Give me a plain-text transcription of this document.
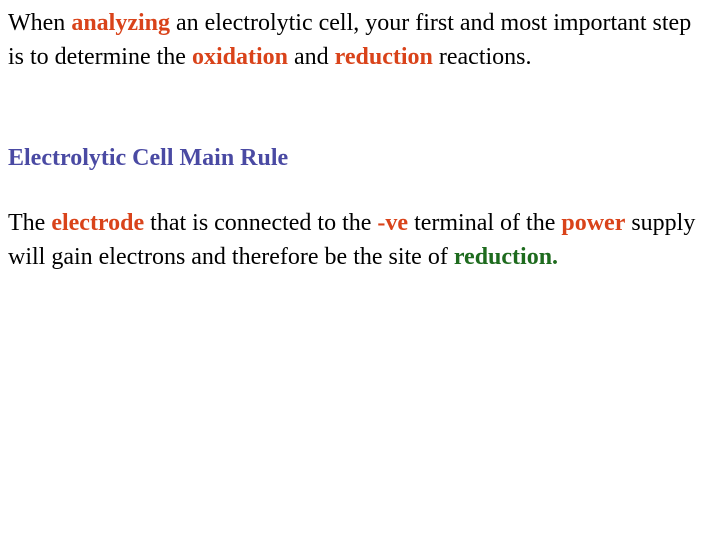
When analyzing an electrolytic cell, your first and most important step is to determine the oxidation and reduction reactions.

Electrolytic Cell Main Rule

The electrode that is connected to the -ve terminal of the power supply will gain electrons and therefore be the site of reduction.
